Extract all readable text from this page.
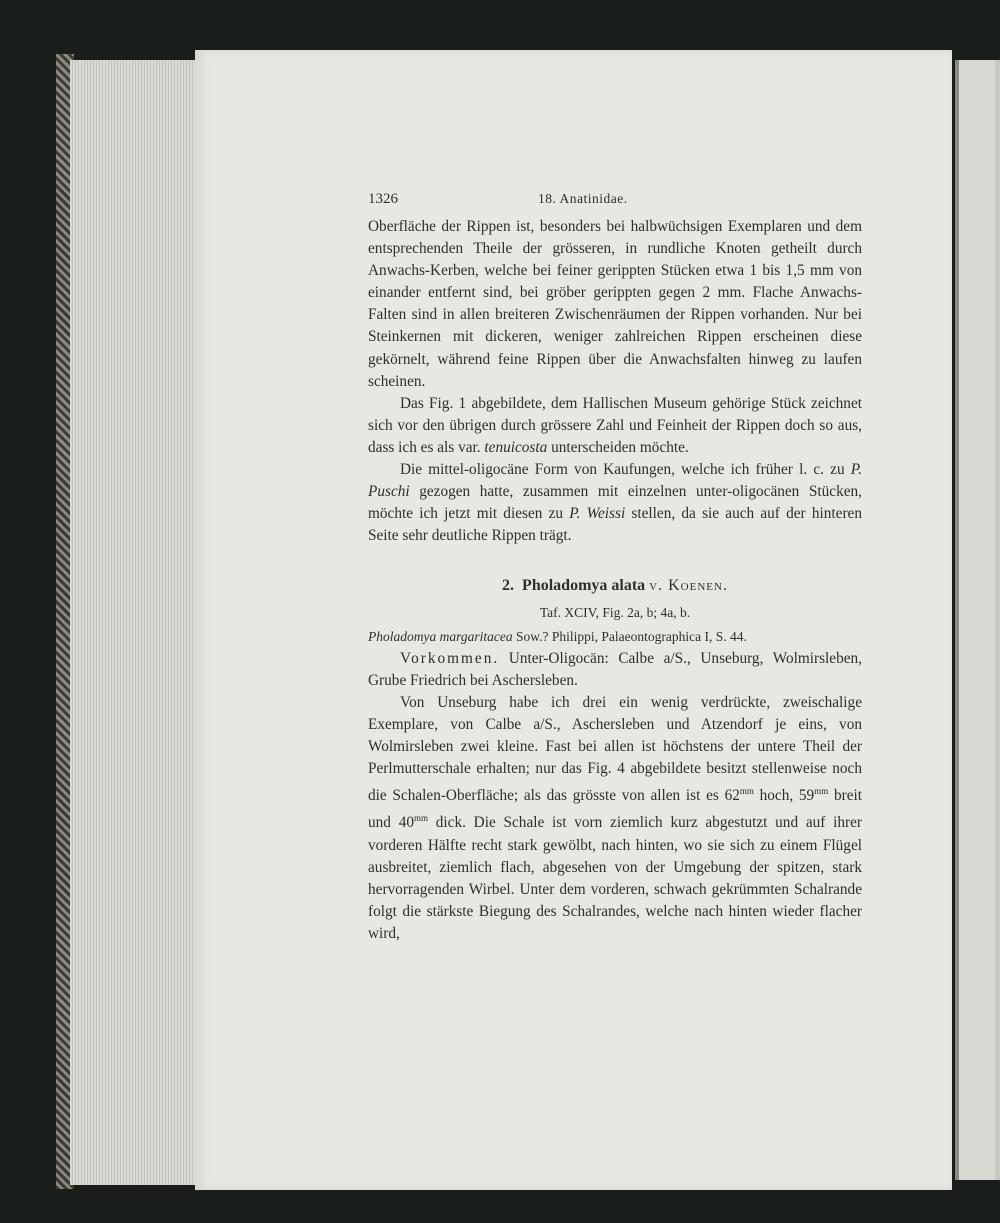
1326	18. Anatinidae.

Oberfläche der Rippen ist, besonders bei halbwüchsigen Exemplaren und dem entsprechenden Theile der grösseren, in rundliche Knoten getheilt durch Anwachs-Kerben, welche bei feiner gerippten Stücken etwa 1 bis 1,5 mm von einander entfernt sind, bei gröber gerippten gegen 2 mm. Flache Anwachs-Falten sind in allen breiteren Zwischenräumen der Rippen vorhanden. Nur bei Steinkernen mit dickeren, weniger zahlreichen Rippen erscheinen diese gekörnelt, während feine Rippen über die Anwachsfalten hinweg zu laufen scheinen.

Das Fig. 1 abgebildete, dem Hallischen Museum gehörige Stück zeichnet sich vor den übrigen durch grössere Zahl und Feinheit der Rippen doch so aus, dass ich es als var. tenuicosta unterscheiden möchte.

Die mittel-oligocäne Form von Kaufungen, welche ich früher l. c. zu P. Puschi gezogen hatte, zusammen mit einzelnen unter-oligocänen Stücken, möchte ich jetzt mit diesen zu P. Weissi stellen, da sie auch auf der hinteren Seite sehr deutliche Rippen trägt.

2. Pholadomya alata v. Koenen.
Taf. XCIV, Fig. 2a, b; 4a, b.

Pholadomya margaritacea Sow.? Philippi, Palaeontographica I, S. 44.

Vorkommen. Unter-Oligocän: Calbe a/S., Unseburg, Wolmirsleben, Grube Friedrich bei Aschersleben.

Von Unseburg habe ich drei ein wenig verdrückte, zweischalige Exemplare, von Calbe a/S., Aschersleben und Atzendorf je eins, von Wolmirsleben zwei kleine. Fast bei allen ist höchstens der untere Theil der Perlmutterschale erhalten; nur das Fig. 4 abgebildete besitzt stellenweise noch die Schalen-Oberfläche; als das grösste von allen ist es $62^{mm}$ hoch, $59^{mm}$ breit und $40^{mm}$ dick. Die Schale ist vorn ziemlich kurz abgestutzt und auf ihrer vorderen Hälfte recht stark gewölbt, nach hinten, wo sie sich zu einem Flügel ausbreitet, ziemlich flach, abgesehen von der Umgebung der spitzen, stark hervorragenden Wirbel. Unter dem vorderen, schwach gekrümmten Schalrande folgt die stärkste Biegung des Schalrandes, welche nach hinten wieder flacher wird,
